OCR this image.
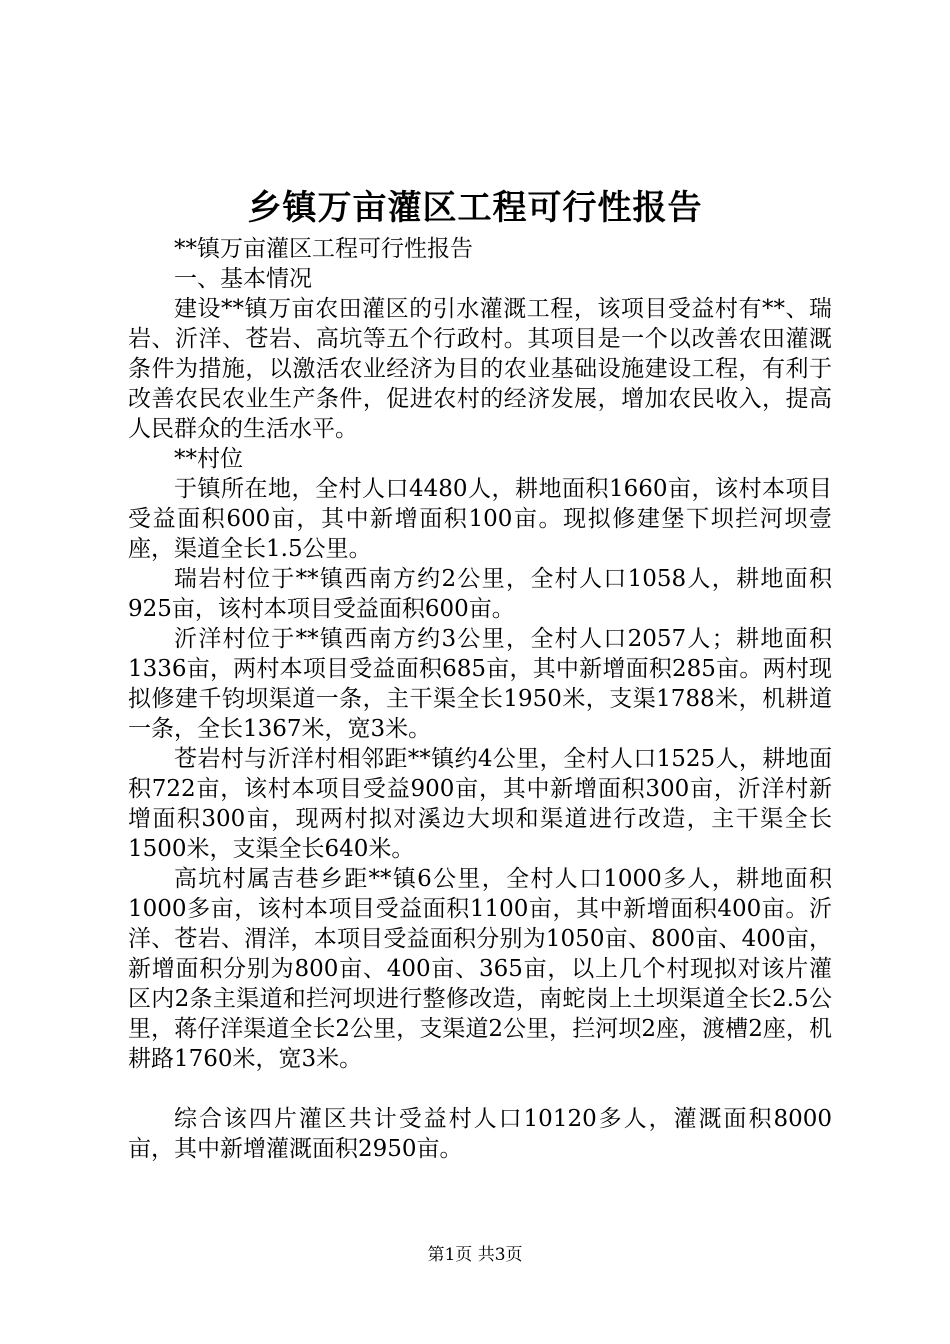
乡镇万亩灌区工程可行性报告

**镇万亩灌区工程可行性报告

一、基本情况

建设**镇万亩农田灌区的引水灌溉工程，该项目受益村有**、瑞岩、沂洋、苍岩、高坑等五个行政村。其项目是一个以改善农田灌溉条件为措施，以激活农业经济为目的农业基础设施建设工程，有利于改善农民农业生产条件，促进农村的经济发展，增加农民收入，提高人民群众的生活水平。

**村位

于镇所在地，全村人口4480人，耕地面积1660亩，该村本项目受益面积600亩，其中新增面积100亩。现拟修建堡下坝拦河坝壹座，渠道全长1.5公里。

瑞岩村位于**镇西南方约2公里，全村人口1058人，耕地面积925亩，该村本项目受益面积600亩。

沂洋村位于**镇西南方约3公里，全村人口2057人；耕地面积1336亩，两村本项目受益面积685亩，其中新增面积285亩。两村现拟修建千钧坝渠道一条，主干渠全长1950米，支渠1788米，机耕道一条，全长1367米，宽3米。

苍岩村与沂洋村相邻距**镇约4公里，全村人口1525人，耕地面积722亩，该村本项目受益900亩，其中新增面积300亩，沂洋村新增面积300亩，现两村拟对溪边大坝和渠道进行改造，主干渠全长1500米，支渠全长640米。

高坑村属吉巷乡距**镇6公里，全村人口1000多人，耕地面积1000多亩，该村本项目受益面积1100亩，其中新增面积400亩。沂洋、苍岩、渭洋，本项目受益面积分别为1050亩、800亩、400亩，新增面积分别为800亩、400亩、365亩，以上几个村现拟对该片灌区内2条主渠道和拦河坝进行整修改造，南蛇岗上土坝渠道全长2.5公里，蒋仔洋渠道全长2公里，支渠道2公里，拦河坝2座，渡槽2座，机耕路1760米，宽3米。

综合该四片灌区共计受益村人口10120多人，灌溉面积8000亩，其中新增灌溉面积2950亩。

第1页 共3页
